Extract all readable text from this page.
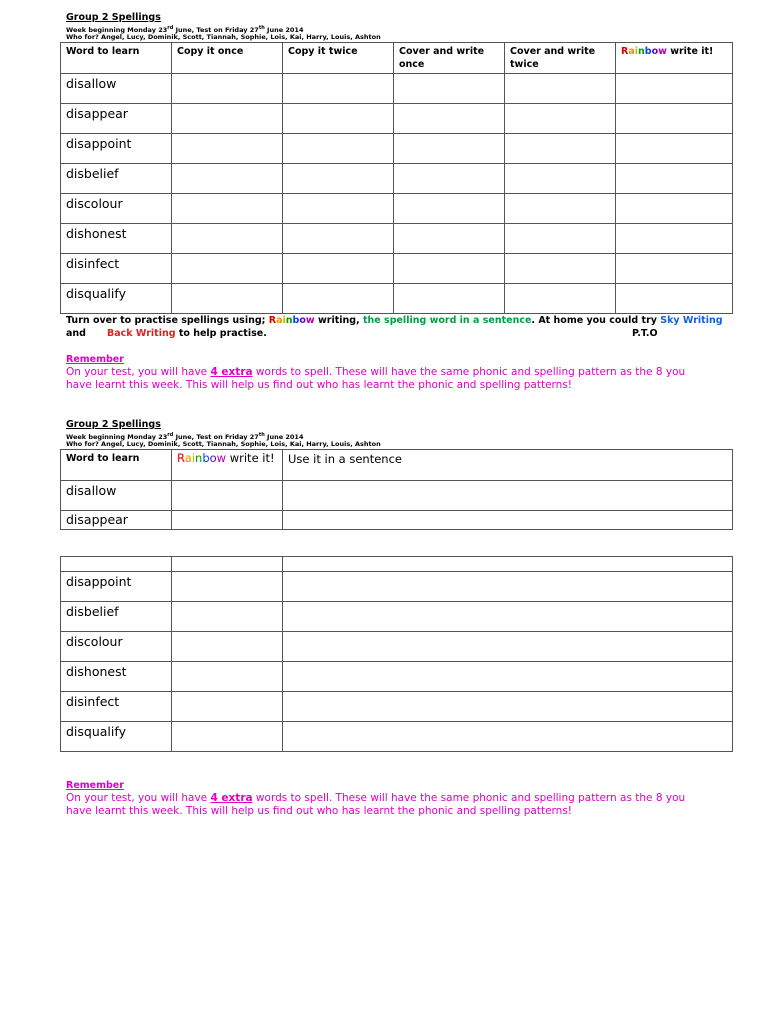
Group 2 Spellings
Week beginning Monday 23rd June, Test on Friday 27th June 2014
Who for? Angel, Lucy, Dominik, Scott, Tiannah, Sophie, Lois, Kai, Harry, Louis, Ashton
Word to learn	Copy it once	Copy it twice	Cover and write once	Cover and write twice	Rainbow write it!

disallow					

disappear					

disappoint					

disbelief					

discolour					

dishonest					

disinfect					

disqualify					

Turn over to practise spellings using; Rainbow writing, the spelling word in a sentence. At home you could try Sky Writing and	Back Writing to help practise.	P.T.O
Remember
On your test, you will have 4 extra words to spell. These will have the same phonic and spelling pattern as the 8 you have learnt this week. This will help us find out who has learnt the phonic and spelling patterns!
Group 2 Spellings
Week beginning Monday 23rd June, Test on Friday 27th June 2014
Who for? Angel, Lucy, Dominik, Scott, Tiannah, Sophie, Lois, Kai, Harry, Louis, Ashton
Word to learn	Rainbow write it!	Use it in a sentence

disallow		

disappear		

disappoint		

disbelief		

discolour		

dishonest		

disinfect		

disqualify		

Remember
On your test, you will have 4 extra words to spell. These will have the same phonic and spelling pattern as the 8 you have learnt this week. This will help us find out who has learnt the phonic and spelling patterns!
